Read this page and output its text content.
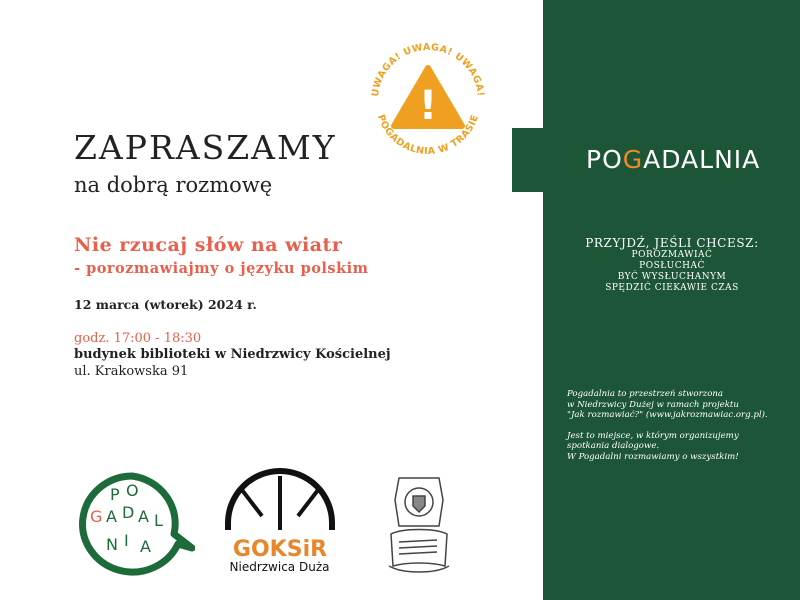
POGADALNIA
PRZYJDŹ, JEŚLI CHCESZ:
POROZMAWIAĆ
POSŁUCHAĆ
BYĆ WYSŁUCHANYM
SPĘDZIĆ CIEKAWIE CZAS

Pogadalnia to przestrzeń stworzona
w Niedrzwicy Dużej w ramach projektu
"Jak rozmawiać?" (www.jakrozmawiac.org.pl).

Jest to miejsce, w którym organizujemy
spotkania dialogowe.
W Pogadalni rozmawiamy o wszystkim!

ZAPRASZAMY
na dobrą rozmowę
Nie rzucaj słów na wiatr
- porozmawiajmy o języku polskim
12 marca (wtorek) 2024 r.
godz. 17:00 - 18:30
budynek biblioteki w Niedrzwicy Kościelnej
ul. Krakowska 91
UWAGA! UWAGA! UWAGA!
POGADALNIA W TRASIE
!
P O
G A D A L
N I A	GOKSiR
Niedrzwica Duża
